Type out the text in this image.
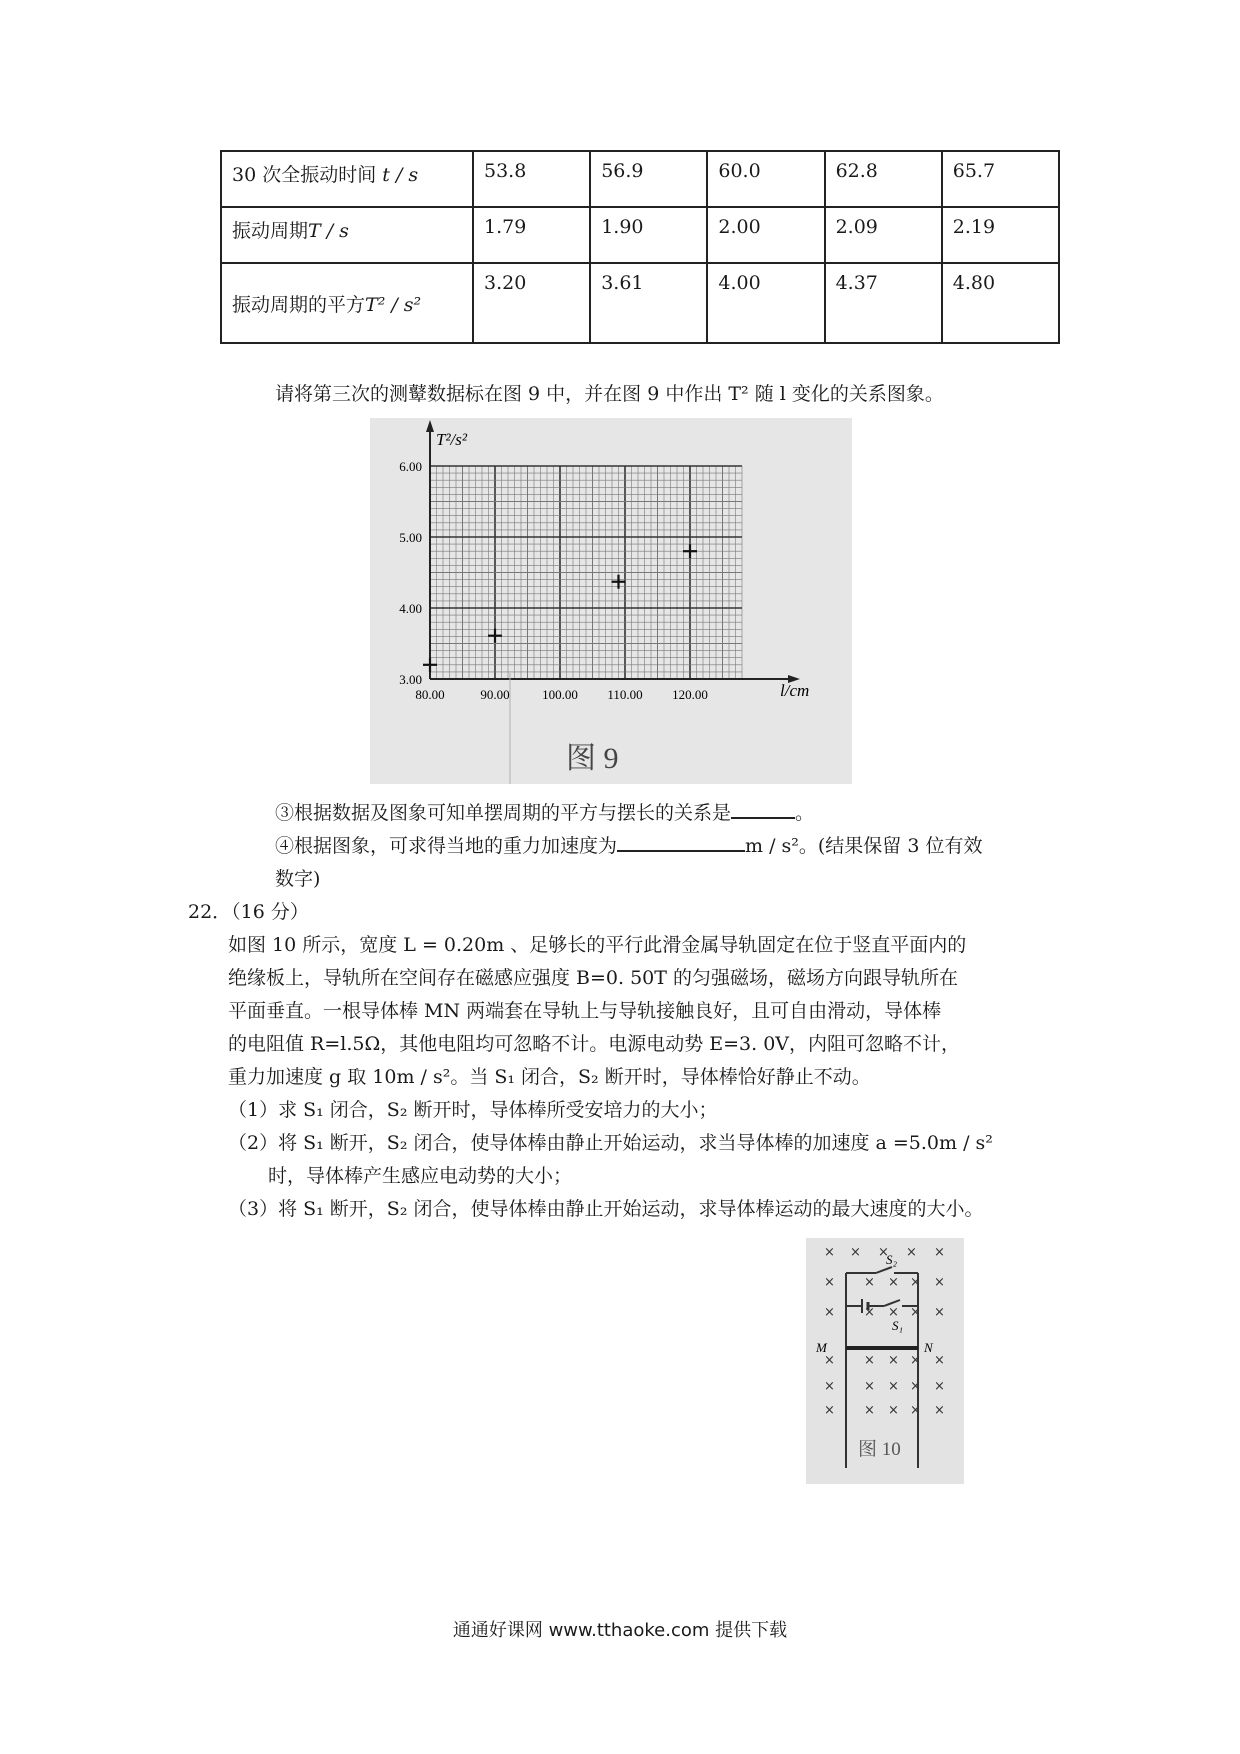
30 次全振动时间 t / s	53.8	56.9	60.0	62.8	65.7
振动周期T / s	1.79	1.90	2.00	2.09	2.19
振动周期的平方T² / s²	3.20	3.61	4.00	4.37	4.80
请将第三次的测鼙数据标在图 9 中，并在图 9 中作出 T² 随 l 变化的关系图象。
3.00
4.00
5.00
6.00
80.00	90.00	100.00 110.00 120.00
T²/s²
l/cm
图 9
③根据数据及图象可知单摆周期的平方与摆长的关系是	。
④根据图象，可求得当地的重力加速度为	m / s²。(结果保留 3 位有效
数字)
22．（16 分）
如图 10 所示，宽度 L = 0.20m 、足够长的平行此滑金属导轨固定在位于竖直平面内的
绝缘板上，导轨所在空间存在磁感应强度 B=0. 50T 的匀强磁场，磁场方向跟导轨所在
平面垂直。一根导体棒 MN 两端套在导轨上与导轨接触良好，且可自由滑动，导体棒
的电阻值 R=l.5Ω，其他电阻均可忽略不计。电源电动势 E=3. 0V，内阻可忽略不计，
重力加速度 g 取 10m / s²。当 S₁ 闭合，S₂ 断开时，导体棒恰好静止不动。
（1）求 S₁ 闭合，S₂ 断开时，导体棒所受安培力的大小；
（2）将 S₁ 断开，S₂ 闭合，使导体棒由静止开始运动，求当导体棒的加速度 a =5.0m / s²
时，导体棒产生感应电动势的大小；
（3）将 S₁ 断开，S₂ 闭合，使导体棒由静止开始运动，求导体棒运动的最大速度的大小。
× × × × ×
× × × × ×
× × × × ×
× × × × ×
× × × × ×
× × × × ×
S₂
S₁
M	N
图 10
通通好课网 www.tthaoke.com 提供下载
